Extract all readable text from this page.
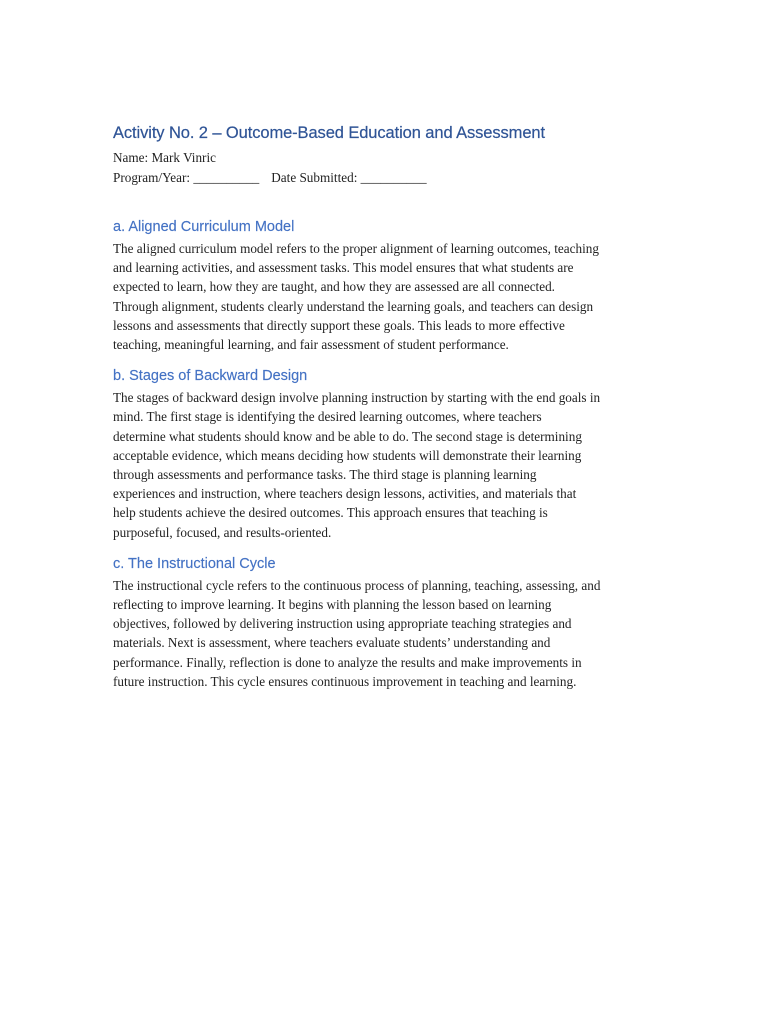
Activity No. 2 – Outcome-Based Education and Assessment

Name: Mark Vinric

Program/Year: __________ Date Submitted: __________

a. Aligned Curriculum Model
The aligned curriculum model refers to the proper alignment of learning outcomes, teaching
and learning activities, and assessment tasks. This model ensures that what students are
expected to learn, how they are taught, and how they are assessed are all connected.
Through alignment, students clearly understand the learning goals, and teachers can design
lessons and assessments that directly support these goals. This leads to more effective
teaching, meaningful learning, and fair assessment of student performance.
b. Stages of Backward Design
The stages of backward design involve planning instruction by starting with the end goals in
mind. The first stage is identifying the desired learning outcomes, where teachers
determine what students should know and be able to do. The second stage is determining
acceptable evidence, which means deciding how students will demonstrate their learning
through assessments and performance tasks. The third stage is planning learning
experiences and instruction, where teachers design lessons, activities, and materials that
help students achieve the desired outcomes. This approach ensures that teaching is
purposeful, focused, and results-oriented.
c. The Instructional Cycle
The instructional cycle refers to the continuous process of planning, teaching, assessing, and
reflecting to improve learning. It begins with planning the lesson based on learning
objectives, followed by delivering instruction using appropriate teaching strategies and
materials. Next is assessment, where teachers evaluate students’ understanding and
performance. Finally, reflection is done to analyze the results and make improvements in
future instruction. This cycle ensures continuous improvement in teaching and learning.
